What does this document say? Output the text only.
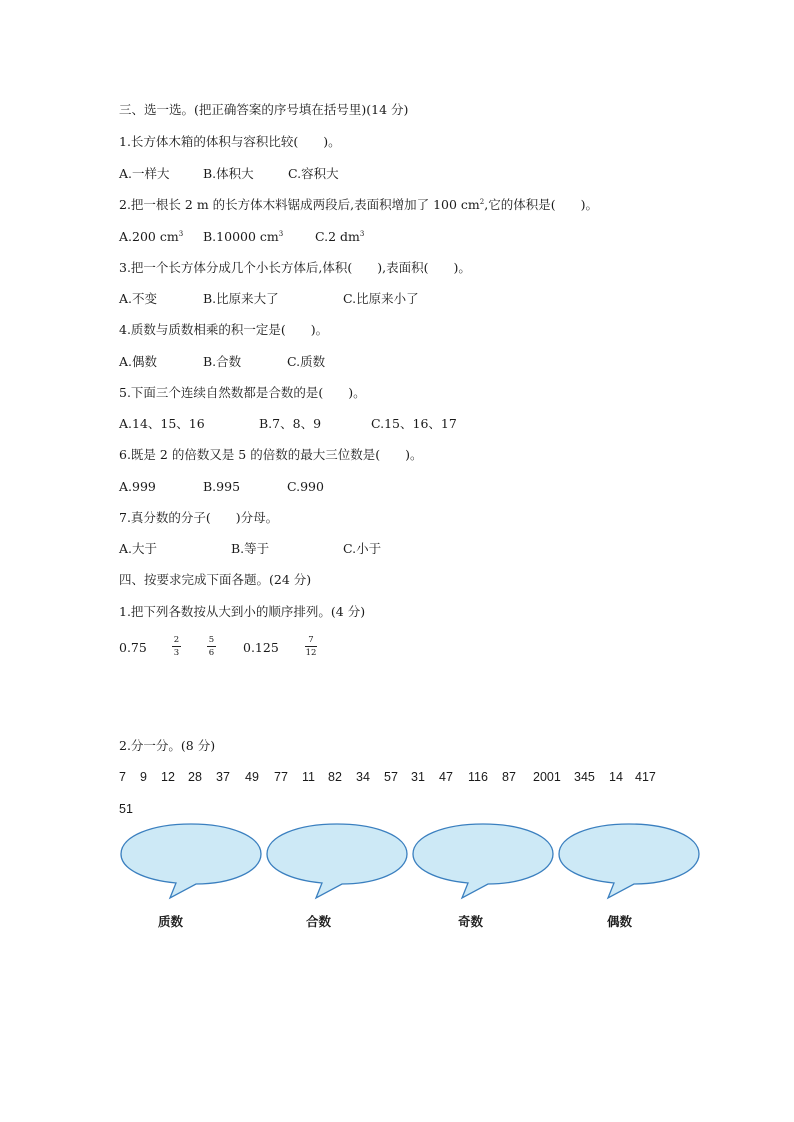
三、选一选。(把正确答案的序号填在括号里)(14 分)
1.长方体木箱的体积与容积比较(　　)。
A.一样大	B.体积大	C.容积大
2.把一根长 2 m 的长方体木料锯成两段后,表面积增加了 100 $cm^2$,它的体积是(　　)。
A.200 $cm^3$ B.10000 $cm^3$	C.2 $dm^3$
3.把一个长方体分成几个小长方体后,体积(　　),表面积(　　)。
A.不变	B.比原来大了	C.比原来小了
4.质数与质数相乘的积一定是(　　)。
A.偶数	B.合数	C.质数
5.下面三个连续自然数都是合数的是(　　)。
A.14、15、16	B.7、8、9	C.15、16、17
6.既是 2 的倍数又是 5 的倍数的最大三位数是(　　)。
A.999	B.995	C.990
7.真分数的分子(　　)分母。
A.大于	B.等于	C.小于
四、按要求完成下面各题。(24 分)
1.把下列各数按从大到小的顺序排列。(4 分)
0.75	2
3
5
6 0.125	7
12
2.分一分。(8 分)
7 9 12 28 37 49 77 11 82 34 57 31 47 116 87 2001 345 14 417
51
质数	合数	奇数	偶数
